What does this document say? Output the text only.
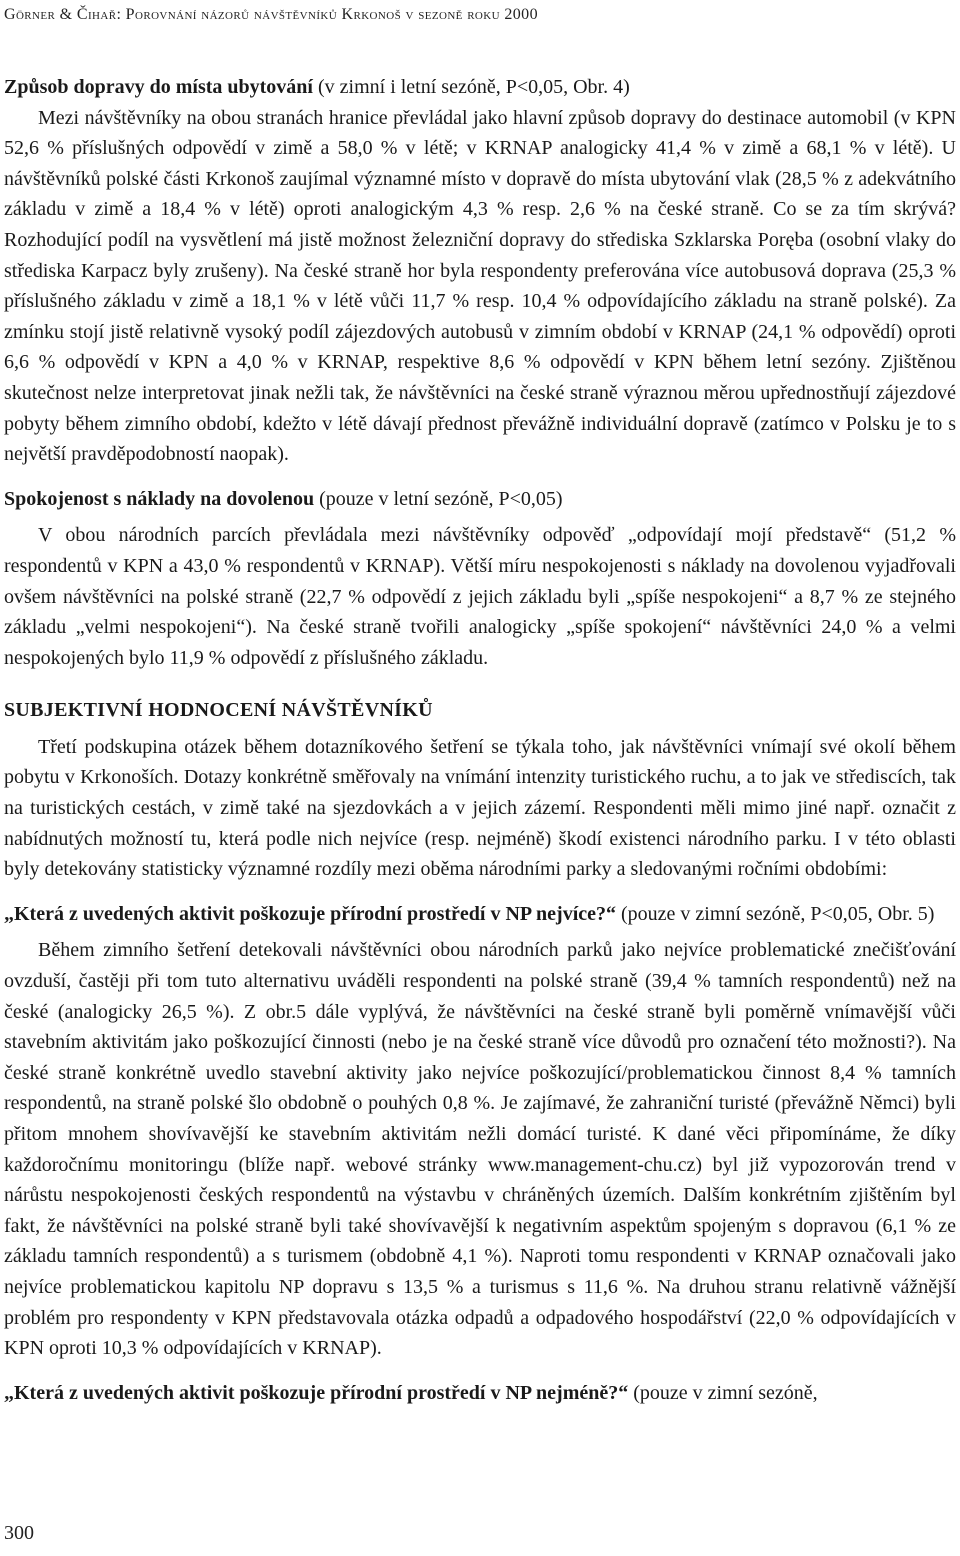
Görner & Čihař: Porovnání názorů návštěvníků Krkonoš v sezoně roku 2000

Způsob dopravy do místa ubytování (v zimní i letní sezóně, P<0,05, Obr. 4)

Mezi návštěvníky na obou stranách hranice převládal jako hlavní způsob dopravy do destinace automobil (v KPN 52,6 % příslušných odpovědí v zimě a 58,0 % v létě; v KRNAP analogicky 41,4 % v zimě a 68,1 % v létě). U návštěvníků polské části Krkonoš zaujímal významné místo v dopravě do místa ubytování vlak (28,5 % z adekvátního základu v zimě a 18,4 % v létě) oproti analogickým 4,3 % resp. 2,6 % na české straně. Co se za tím skrývá? Rozhodující podíl na vysvětlení má jistě možnost železniční dopravy do střediska Szklarska Poręba (osobní vlaky do střediska Karpacz byly zrušeny). Na české straně hor byla respondenty preferována více autobusová doprava (25,3 % příslušného základu v zimě a 18,1 % v létě vůči 11,7 % resp. 10,4 % odpovídajícího základu na straně polské). Za zmínku stojí jistě relativně vysoký podíl zájezdových autobusů v zimním období v KRNAP (24,1 % odpovědí) oproti 6,6 % odpovědí v KPN a 4,0 % v KRNAP, respektive 8,6 % odpovědí v KPN během letní sezóny. Zjištěnou skutečnost nelze interpretovat jinak nežli tak, že návštěvníci na české straně výraznou měrou upřednostňují zájezdové pobyty během zimního období, kdežto v létě dávají přednost převážně individuální dopravě (zatímco v Polsku je to s největší pravděpodobností naopak).

Spokojenost s náklady na dovolenou (pouze v letní sezóně, P<0,05)

V obou národních parcích převládala mezi návštěvníky odpověď „odpovídají mojí představě“ (51,2 % respondentů v KPN a 43,0 % respondentů v KRNAP). Větší míru nespokojenosti s náklady na dovolenou vyjadřovali ovšem návštěvníci na polské straně (22,7 % odpovědí z jejich základu byli „spíše nespokojeni“ a 8,7 % ze stejného základu „velmi nespokojeni“). Na české straně tvořili analogicky „spíše spokojení“ návštěvníci 24,0 % a velmi nespokojených bylo 11,9 % odpovědí z příslušného základu.

SUBJEKTIVNÍ HODNOCENÍ NÁVŠTĚVNÍKŮ

Třetí podskupina otázek během dotazníkového šetření se týkala toho, jak návštěvníci vnímají své okolí během pobytu v Krkonoších. Dotazy konkrétně směřovaly na vnímání intenzity turistického ruchu, a to jak ve střediscích, tak na turistických cestách, v zimě také na sjezdovkách a v jejich zázemí. Respondenti měli mimo jiné např. označit z nabídnutých možností tu, která podle nich nejvíce (resp. nejméně) škodí existenci národního parku. I v této oblasti byly detekovány statisticky významné rozdíly mezi oběma národními parky a sledovanými ročními obdobími:

„Která z uvedených aktivit poškozuje přírodní prostředí v NP nejvíce?“ (pouze v zimní sezóně, P<0,05, Obr. 5)

Během zimního šetření detekovali návštěvníci obou národních parků jako nejvíce problematické znečišťování ovzduší, častěji při tom tuto alternativu uváděli respondenti na polské straně (39,4 % tamních respondentů) než na české (analogicky 26,5 %). Z obr.5 dále vyplývá, že návštěvníci na české straně byli poměrně vnímavější vůči stavebním aktivitám jako poškozující činnosti (nebo je na české straně více důvodů pro označení této možnosti?). Na české straně konkrétně uvedlo stavební aktivity jako nejvíce poškozující/problematickou činnost 8,4 % tamních respondentů, na straně polské šlo obdobně o pouhých 0,8 %. Je zajímavé, že zahraniční turisté (převážně Němci) byli přitom mnohem shovívavější ke stavebním aktivitám nežli domácí turisté. K dané věci připomínáme, že díky každoročnímu monitoringu (blíže např. webové stránky www.management-chu.cz) byl již vypozorován trend v nárůstu nespokojenosti českých respondentů na výstavbu v chráněných územích. Dalším konkrétním zjištěním byl fakt, že návštěvníci na polské straně byli také shovívavější k negativním aspektům spojeným s dopravou (6,1 % ze základu tamních respondentů) a s turismem (obdobně 4,1 %). Naproti tomu respondenti v KRNAP označovali jako nejvíce problematickou kapitolu NP dopravu s 13,5 % a turismus s 11,6 %. Na druhou stranu relativně vážnější problém pro respondenty v KPN představovala otázka odpadů a odpadového hospodářství (22,0 % odpovídajících v KPN oproti 10,3 % odpovídajících v KRNAP).

„Která z uvedených aktivit poškozuje přírodní prostředí v NP nejméně?“ (pouze v zimní sezóně,

300
